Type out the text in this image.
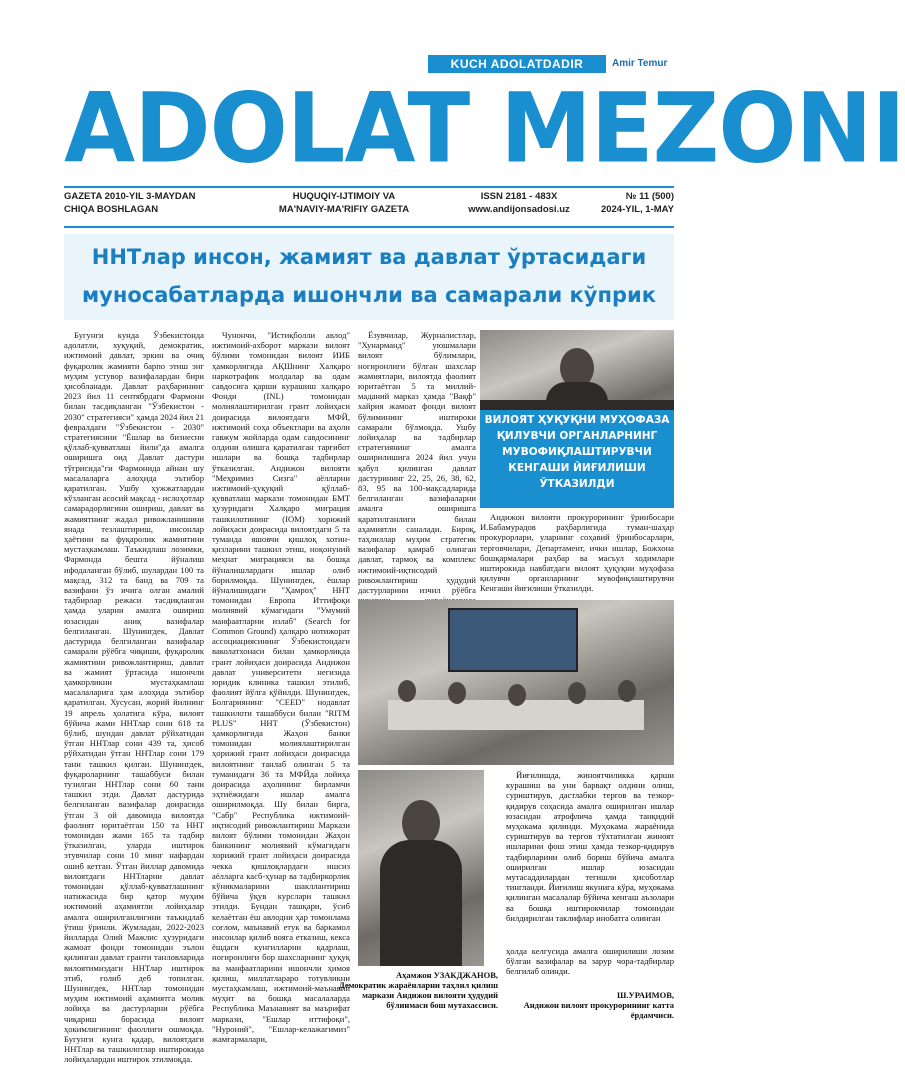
KUCH ADOLATDADIR	Amir Temur
ADOLAT MEZONI
GAZETA 2010-YIL 3-MAYDAN
CHIQA BOSHLAGAN
HUQUQIY-IJTIMOIY VA
MA'NAVIY-MA'RIFIY GAZETA
ISSN 2181 - 483X
www.andijonsadosi.uz
№ 11 (500)
2024-YIL, 1-MAY
ННТлар инсон, жамият ва давлат ўртасидаги муносабатларда ишончли ва самарали кўприк

Бугунги кунда Ўзбекистонда адолатли, хуқуқий, демократик, ижтимоий давлат, эркин ва очиқ фуқаролик жамияти барпо этиш энг муҳим устувор вазифалардан бири ҳисобланади. Давлат раҳбарининг 2023 йил 11 сентябрдаги Фармони билан тасдиқланган "Ўзбекистон - 2030" стратегияси" ҳамда 2024 йил 21 февралдаги "Ўзбекистон - 2030" стратегиясини "Ёшлар ва бизнесни қўллаб-қувватлаш йили"да амалга оширишга оид Давлат дастури тўғрисида"ги Фармонида айнан шу масалаларга алоҳида эътибор қаратилган. Ушбу ҳужжатлардан кўзланган асосий мақсад - ислоҳотлар самарадорлигини ошириш, давлат ва жамиятнинг жадал ривожланишини янада тезлаштириш, инсонлар ҳаётини ва фуқаролик жамиятини мустаҳкамлаш. Таъкидлаш лозимки, Фармонда бешта йўналиш ифодаланган бўлиб, шулардан 100 та мақсад, 312 та банд ва 709 та вазифани ўз ичига олган амалий тадбирлар режаси тасдиқланган ҳамда уларни амалга ошириш юзасидан аниқ вазифалар белгиланган. Шунингдек, Давлат дастурида белгиланган вазифалар самарали рўёбга чиқиши, фуқаролик жамиятини ривожлантириш, давлат ва жамият ўртасида ишончли ҳамкорликни мустаҳкамлаш масалаларига ҳам алоҳида эътибор қаратилган. Хусусан, жорий йилнинг 19 апрель ҳолатига кўра, вилоят бўйича жами ННТлар сони 618 та бўлиб, шундан давлат рўйхатидан ўтган ННТлар сони 439 та, ҳисоб рўйхатидан ўтган ННТлар сони 179 тани ташкил қилган. Шунингдек, фуқароларнинг ташаббуси билан тузилган ННТлар сони 60 тани ташкил этди. Давлат дастурида белгиланган вазифалар доирасида ўтган 3 ой давомида вилоятда фаолият юритаётган 150 та ННТ томонидан жами 165 та тадбир ўтказилган, уларда иштирок этувчилар сони 10 минг нафардан ошиб кетган. Ўтган йиллар давомида вилоятдаги ННТларни давлат томонидан қўллаб-қувватлашнинг натижасида бир қатор муҳим ижтимоий аҳамиятли лойиҳалар амалга оширилганлигини таъкидлаб ўтиш ўринли. Жумладан, 2022-2023 йилларда Олий Мажлис ҳузуридаги жамоат фонди томонидан эълон қилинган давлат гранти танловларида вилоятимиздаги ННТлар иштирок этиб, ғолиб деб топилган. Шунингдек, ННТлар томонидан муҳим ижтимоий аҳамиятга молик лойиҳа ва дастурларни рўёбга чиқариш борасида вилоят ҳокимлигининг фаоллиги ошмоқда. Бугунги кунга қадар, вилоятдаги ННТлар ва ташкилотлар иштирокида лойиҳалардан иштирок этилмоқда.

Чунончи, "Истиқболли авлод" ижтимоий-ахборот маркази вилоят бўлими томонидан вилоят ИИБ ҳамкорлигида АҚШнинг Халқаро наркотрафик молдалар ва одам савдосига қарши курашиш халқаро Фонди (INL) томонидан молиялаштирилган грант лойиҳаси доирасида вилоятдаги МФЙ, ижтимоий соҳа объектлари ва аҳоли гавжум жойларда одам савдосининг олдини олишга қаратилган тарғибот ишлари ва бошқа тадбирлар ўтказилган. Андижон вилояти "Меҳримиз Сизга" аёлларни ижтимоий-ҳуқуқий қўллаб-қувватлаш маркази томонидан БМТ ҳузуридаги Халқаро миграция ташкилотининг (IOM) хорижий лойиҳаси доирасида вилоятдаги 5 та туманда яшовчи қишлоқ хотин-қизларини ташкил этиш, ноқонуний меҳнат миграцияси ва бошқа йўналишлардаги ишлар олиб борилмоқда. Шунингдек, ёшлар йўналишидаги "Ҳамроҳ" ННТ томонидан Европа Иттифоқи молиявий кўмагидаги "Умумий манфаатларни излаб" (Search for Common Ground) ҳалқаро нотижорат ассоциациясининг Ўзбекистондаги ваколатхонаси билан ҳамкорликда грант лойиҳаси доирасида Андижон давлат университети негизида юридик клиника ташкил этилиб, фаолият йўлга қўйилди. Шунингдек, Болгариянинг "CEED" нодавлат ташкилоти ташаббуси билан "RITM PLUS" ННТ (Ўзбекистон) ҳамкорлигида Жаҳон банки томонидан молиялаштирилган ҳорижий грант лойиҳаси доирасида вилоятнинг танлаб олинган 5 та туманидаги 36 та МФЙда лойиҳа доирасида аҳолининг бирламчи эҳтиёжидаги ишлар амалга оширилмоқда. Шу билан бирга, "Сабр" Республика ижтимоий-иқтисодий ривожлантириш Маркази вилоят бўлими томонидан Жаҳон банкининг молиявий кўмагидаги хорижий грант лойиҳаси доирасида чекка қишлоқлардаги ишсиз аёлларга касб-ҳунар ва тадбиркорлик кўникмаларини шакллантириш бўйича ўқув курслари ташкил этилди. Бундан ташқари, ўсиб келаётган ёш авлодни ҳар томонлама соғлом, маънавий етук ва баркамол инсонлар қилиб вояга етказиш, кекса ёшдаги кунгилларни қадрлаш, ногиронлиги бор шахсларнинг ҳуқуқ ва манфаатларини ишончли ҳимоя қилиш, миллатлараро тотувликни мустаҳкамлаш, ижтимоий-маънавий муҳит ва бошқа масалаларда Республика Маънавият ва маърифат маркази, "Ешлар иттифоқи", "Нуроний", "Ешлар-келажагимиз" жамғармалари,

Ёзувчилар, Журналистлар, "Хунарманд" уюшмалари вилоят бўлимлари, ногиронлиги бўлган шахслар жамиятлари, вилоятда фаолият юритаётган 5 та миллий-маданий марказ ҳамда "Вақф" хайрия жамоат фонди вилоят бўлимининг иштироки самарали бўлмоқда. Ушбу лойиҳалар ва тадбирлар стратегиянинг амалга оширилишига 2024 йил учун қабул қилинган давлат дастурининг 22, 25, 26, 38, 62, 83, 95 ва 100-мақсадларида белгиланган вазифаларни амалга оширишга қаратилганлиги билан аҳамиятли саналади. Бироқ, таҳлиллар муҳим стратегик вазифалар қамраб олинган давлат, тармоқ ва комплекс ижтимоий-иқтисодий ривожлантириш ҳудудий дастурларини изчил рўёбга

ВИЛОЯТ ҲУҚУҚНИ МУҲОФАЗА ҚИЛУВЧИ ОРГАНЛАРНИНГ МУВОФИҚЛАШТИРУВЧИ КЕНГАШИ ЙИҒИЛИШИ ЎТКАЗИЛДИ

Андижон вилояти прокурорининг ўринбосари И.Бабамурадов раҳбарлигида туман-шаҳар прокурорлари, уларнинг соҳавий ўринбосарлари, терговчилари, Департамент, ички ишлар, Божхона бошқармалари раҳбар ва масъул ходимлари иштирокида навбатдаги вилоят ҳуқуқни муҳофаза қилувчи органларнинг мувофиқлаштирувчи Кенгаши йиғилиши ўтказилди.

Йиғилишда, жиноятчиликка қарши курашиш ва уни барвақт олдини олиш, суриштирув, дастлабки тергов ва тезкор-қидирув соҳасида амалга оширилган ишлар юзасидан атрофлича ҳамда танқидий муҳокама қилинди. Муҳокама жараёнида суриштирув ва тергов тўхтатилган жиноят ишларини фош этиш ҳамда тезкор-қидирув тадбирларини олиб бориш бўйича амалга оширилган ишлар юзасидан мутасаддилардан тегишли ҳисоботлар тингланди. Йиғилиш якунига кўра, муҳокама қилинган масалалар бўйича кенгаш аъзолари ва бошқа иштирокчилар томонидан билдирилган таклифлар инобатга олинган

ҳолда келгусида амалга оширилиши лозим бўлган вазифалар ва зарур чора-тадбирлар белгилаб олинди.

Аҳамжон УЗАКДЖАНОВ,
Демократик жараёнларни таҳлил қилиш маркази Андижон вилояти ҳудудий бўлинмаси бош мутахассиси.
Ш.УРАИМОВ,
Андижон вилоят прокурорининг катта ёрдамчиси.
